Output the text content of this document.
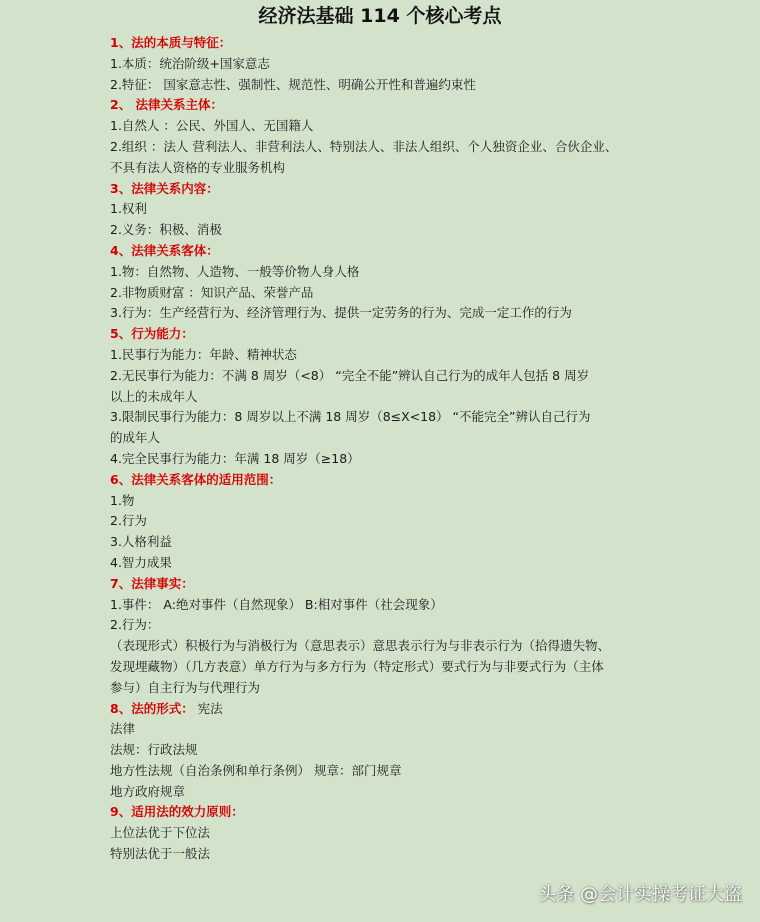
经济法基础 114 个核心考点
1、法的本质与特征：
1.本质：统治阶级+国家意志
2.特征： 国家意志性、强制性、规范性、明确公开性和普遍约束性
2、 法律关系主体：
1.自然人 ：公民、外国人、无国籍人
2.组织 ：法人 营利法人、非营利法人、特别法人、非法人组织、个人独资企业、合伙企业、
不具有法人资格的专业服务机构
3、法律关系内容：
1.权利
2.义务：积极、消极
4、法律关系客体：
1.物：自然物、人造物、一般等价物人身人格
2.非物质财富 ：知识产品、荣誉产品
3.行为：生产经营行为、经济管理行为、提供一定劳务的行为、完成一定工作的行为
5、行为能力：
1.民事行为能力：年龄、精神状态
2.无民事行为能力：不满 8 周岁（<8） “完全不能”辨认自己行为的成年人包括 8 周岁
以上的未成年人
3.限制民事行为能力：8 周岁以上不满 18 周岁（8≤X<18） “不能完全”辨认自己行为
的成年人
4.完全民事行为能力：年满 18 周岁（≥18）
6、法律关系客体的适用范围：
1.物
2.行为
3.人格利益
4.智力成果
7、法律事实：
1.事件： A:绝对事件（自然现象） B:相对事件（社会现象）
2.行为：
（表现形式）积极行为与消极行为（意思表示）意思表示行为与非表示行为（拾得遗失物、
发现埋藏物）（几方表意）单方行为与多方行为（特定形式）要式行为与非要式行为（主体
参与）自主行为与代理行为
8、法的形式： 宪法
法律
法规：行政法规
地方性法规（自治条例和单行条例） 规章：部门规章
地方政府规章
9、适用法的效力原则：
上位法优于下位法
特别法优于一般法
头条 @会计实操考证大盗
